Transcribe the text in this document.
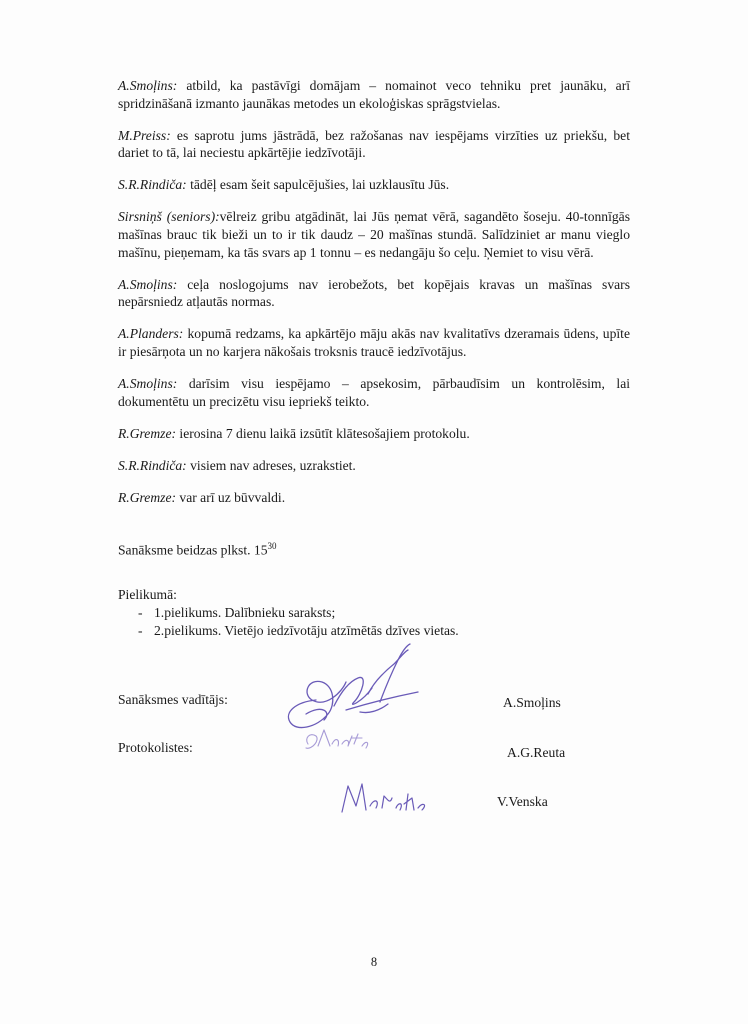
A.Smoļins: atbild, ka pastāvīgi domājam – nomainot veco tehniku pret jaunāku, arī spridzināšanā izmanto jaunākas metodes un ekoloģiskas sprāgstvielas.

M.Preiss: es saprotu jums jāstrādā, bez ražošanas nav iespējams virzīties uz priekšu, bet dariet to tā, lai neciestu apkārtējie iedzīvotāji.

S.R.Rindiča: tādēļ esam šeit sapulcējušies, lai uzklausītu Jūs.

Sirsniņš (seniors):vēlreiz gribu atgādināt, lai Jūs ņemat vērā, sagandēto šoseju. 40-tonnīgās mašīnas brauc tik bieži un to ir tik daudz – 20 mašīnas stundā. Salīdziniet ar manu vieglo mašīnu, pieņemam, ka tās svars ap 1 tonnu – es nedangāju šo ceļu. Ņemiet to visu vērā.

A.Smoļins: ceļa noslogojums nav ierobežots, bet kopējais kravas un mašīnas svars nepārsniedz atļautās normas.

A.Planders: kopumā redzams, ka apkārtējo māju akās nav kvalitatīvs dzeramais ūdens, upīte ir piesārņota un no karjera nākošais troksnis traucē iedzīvotājus.

A.Smoļins: darīsim visu iespējamo – apsekosim, pārbaudīsim un kontrolēsim, lai dokumentētu un precizētu visu iepriekš teikto.

R.Gremze: ierosina 7 dienu laikā izsūtīt klātesošajiem protokolu.

S.R.Rindiča: visiem nav adreses, uzrakstiet.

R.Gremze: var arī uz būvvaldi.

Sanāksme beidzas plkst. $15^{30}$
Pielikumā:
- 1.pielikums. Dalībnieku saraksts;
- 2.pielikums. Vietējo iedzīvotāju atzīmētās dzīves vietas.
Sanāksmes vadītājs:	A.Smoļins
Protokolistes:	A.G.Reuta
V.Venska
8
